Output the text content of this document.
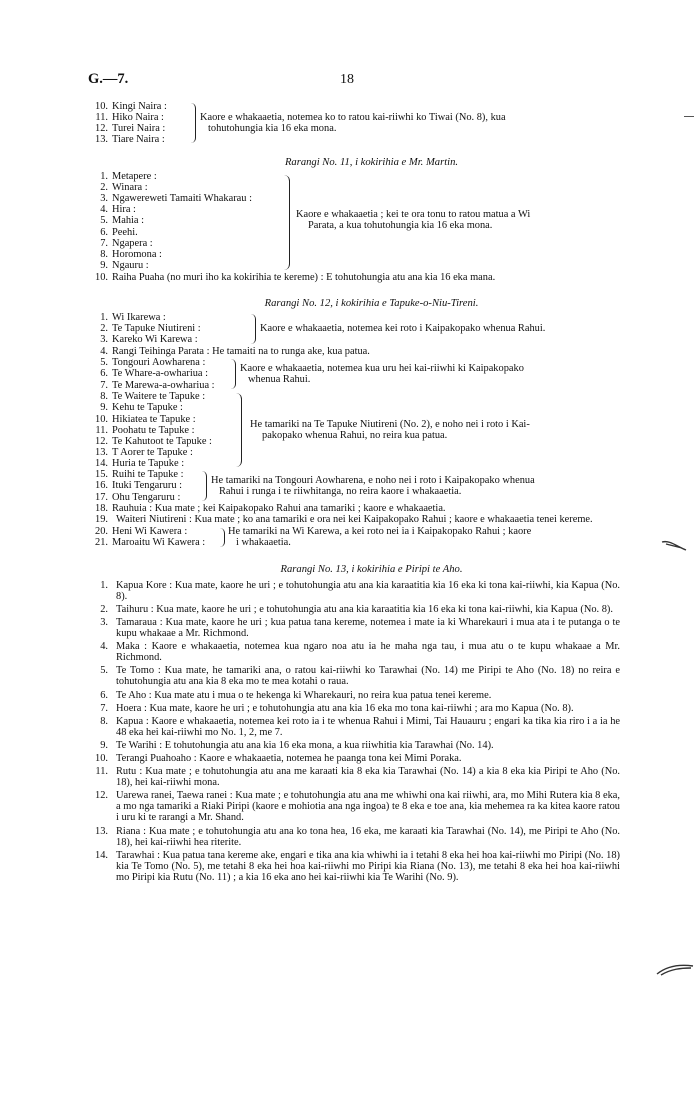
G.—7.	18
10. Kingi Naira :
11. Hiko Naira :
12. Turei Naira :
13. Tiare Naira :
Kaore e whakaaetia, notemea ko to ratou kai-riiwhi ko Tiwai (No. 8), kua
tohutohungia kia 16 eka mona.

Rarangi No. 11, i kokirihia e Mr. Martin.

1. Metapere :
2. Winara :
3. Ngawereweti Tamaiti Whakarau :
4. Hira :
5. Mahia :
6. Peehi.
7. Ngapera :
8. Horomona :
9. Ngauru :
Kaore e whakaaetia ; kei te ora tonu to ratou matua a Wi
Parata, a kua tohutohungia kia 16 eka mona.
10. Raiha Puaha (no muri iho ka kokirihia te kereme) : E tohutohungia atu ana kia 16 eka mana.

Rarangi No. 12, i kokirihia e Tapuke-o-Niu-Tireni.

1. Wi Ikarewa :
2. Te Tapuke Niutireni :
3. Kareko Wi Karewa :
Kaore e whakaaetia, notemea kei roto i Kaipakopako whenua Rahui.
4. Rangi Teihinga Parata : He tamaiti na to runga ake, kua patua.
5. Tongouri Aowharena :
6. Te Whare-a-owhariua :
7. Te Marewa-a-owhariua :
Kaore e whakaaetia, notemea kua uru hei kai-riiwhi ki Kaipakopako
whenua Rahui.
8. Te Waitere te Tapuke :
9. Kehu te Tapuke :
10. Hikiatea te Tapuke :
11. Poohatu te Tapuke :
12. Te Kahutoot te Tapuke :
13. T Aorer te Tapuke :
14. Huria te Tapuke :
He tamariki na Te Tapuke Niutireni (No. 2), e noho nei i roto i Kai-
pakopako whenua Rahui, no reira kua patua.
15. Ruihi te Tapuke :
16. Ituki Tengaruru :
17. Ohu Tengaruru :
He tamariki na Tongouri Aowharena, e noho nei i roto i Kaipakopako whenua
Rahui i runga i te riiwhitanga, no reira kaore i whakaaetia.
18. Rauhuia : Kua mate ; kei Kaipakopako Rahui ana tamariki ; kaore e whakaaetia.
19. Waiteri Niutireni : Kua mate ; ko ana tamariki e ora nei kei Kaipakopako Rahui ; kaore e whakaaetia tenei kereme.
20. Heni Wi Kawera :
21. Maroaitu Wi Kawera :
He tamariki na Wi Karewa, a kei roto nei ia i Kaipakopako Rahui ; kaore
i whakaaetia.

Rarangi No. 13, i kokirihia e Piripi te Aho.

1. Kapua Kore : Kua mate, kaore he uri ; e tohutohungia atu ana kia karaatitia kia 16 eka ki tona kai-riiwhi, kia Kapua (No. 8).
2. Taihuru : Kua mate, kaore he uri ; e tohutohungia atu ana kia karaatitia kia 16 eka ki tona kai-riiwhi, kia Kapua (No. 8).
3. Tamaraua : Kua mate, kaore he uri ; kua patua tana kereme, notemea i mate ia ki Wharekauri i mua ata i te putanga o te kupu whakaae a Mr. Richmond.
4. Maka : Kaore e whakaaetia, notemea kua ngaro noa atu ia he maha nga tau, i mua atu o te kupu whakaae a Mr. Richmond.
5. Te Tomo : Kua mate, he tamariki ana, o ratou kai-riiwhi ko Tarawhai (No. 14) me Piripi te Aho (No. 18) no reira e tohutohungia atu ana kia 8 eka mo te mea kotahi o raua.
6. Te Aho : Kua mate atu i mua o te hekenga ki Wharekauri, no reira kua patua tenei kereme.
7. Hoera : Kua mate, kaore he uri ; e tohutohungia atu ana kia 16 eka mo tona kai-riiwhi ; ara mo Kapua (No. 8).
8. Kapua : Kaore e whakaaetia, notemea kei roto ia i te whenua Rahui i Mimi, Tai Hauauru ; engari ka tika kia riro i a ia he 48 eka hei kai-riiwhi mo No. 1, 2, me 7.
9. Te Warihi : E tohutohungia atu ana kia 16 eka mona, a kua riiwhitia kia Tarawhai (No. 14).
10. Terangi Puahoaho : Kaore e whakaaetia, notemea he paanga tona kei Mimi Poraka.
11. Rutu : Kua mate ; e tohutohungia atu ana me karaati kia 8 eka kia Tarawhai (No. 14) a kia 8 eka kia Piripi te Aho (No. 18), hei kai-riiwhi mona.
12. Uarewa ranei, Taewa ranei : Kua mate ; e tohutohungia atu ana me whiwhi ona kai riiwhi, ara, mo Mihi Rutera kia 8 eka, a mo nga tamariki a Riaki Piripi (kaore e mohiotia ana nga ingoa) te 8 eka e toe ana, kia mehemea ra ka kitea kaore ratou i uru ki te rarangi a Mr. Shand.
13. Riana : Kua mate ; e tohutohungia atu ana ko tona hea, 16 eka, me karaati kia Tarawhai (No. 14), me Piripi te Aho (No. 18), hei kai-riiwhi hea riterite.
14. Tarawhai : Kua patua tana kereme ake, engari e tika ana kia whiwhi ia i tetahi 8 eka hei hoa kai-riiwhi mo Piripi (No. 18) kia Te Tomo (No. 5), me tetahi 8 eka hei hoa kai-riiwhi mo Piripi kia Riana (No. 13), me tetahi 8 eka hei hoa kai-riiwhi mo Piripi kia Rutu (No. 11) ; a kia 16 eka ano hei kai-riiwhi kia Te Warihi (No. 9).
